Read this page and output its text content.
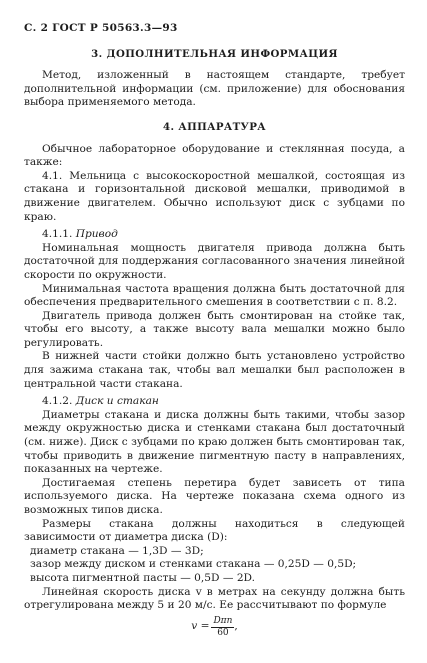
С. 2 ГОСТ Р 50563.3—93
3. ДОПОЛНИТЕЛЬНАЯ ИНФОРМАЦИЯ

Метод, изложенный в настоящем стандарте, требует дополнительной информации (см. приложение) для обоснования выбора применяемого метода.

4. АППАРАТУРА

Обычное лабораторное оборудование и стеклянная посуда, а также:

4.1. Мельница с высокоскоростной мешалкой, состоящая из стакана и горизонтальной дисковой мешалки, приводимой в движение двигателем. Обычно используют диск с зубцами по краю.

4.1.1. Привод

Номинальная мощность двигателя привода должна быть достаточной для поддержания согласованного значения линейной скорости по окружности.

Минимальная частота вращения должна быть достаточной для обеспечения предварительного смешения в соответствии с п. 8.2.

Двигатель привода должен быть смонтирован на стойке так, чтобы его высоту, а также высоту вала мешалки можно было регулировать.

В нижней части стойки должно быть установлено устройство для зажима стакана так, чтобы вал мешалки был расположен в центральной части стакана.

4.1.2. Диск и стакан

Диаметры стакана и диска должны быть такими, чтобы зазор между окружностью диска и стенками стакана был достаточный (см. ниже). Диск с зубцами по краю должен быть смонтирован так, чтобы приводить в движение пигментную пасту в направлениях, показанных на чертеже.

Достигаемая степень перетира будет зависеть от типа используемого диска. На чертеже показана схема одного из возможных типов диска.

Размеры стакана должны находиться в следующей зависимости от диаметра диска (D):

диаметр стакана — 1,3D — 3D;

зазор между диском и стенками стакана — 0,25D — 0,5D;

высота пигментной пасты — 0,5D — 2D.

Линейная скорость диска v в метрах на секунду должна быть отрегулирована между 5 и 20 м/с. Ее рассчитывают по формуле

$v = \frac{\text{Dπn}}{60}$ ,
